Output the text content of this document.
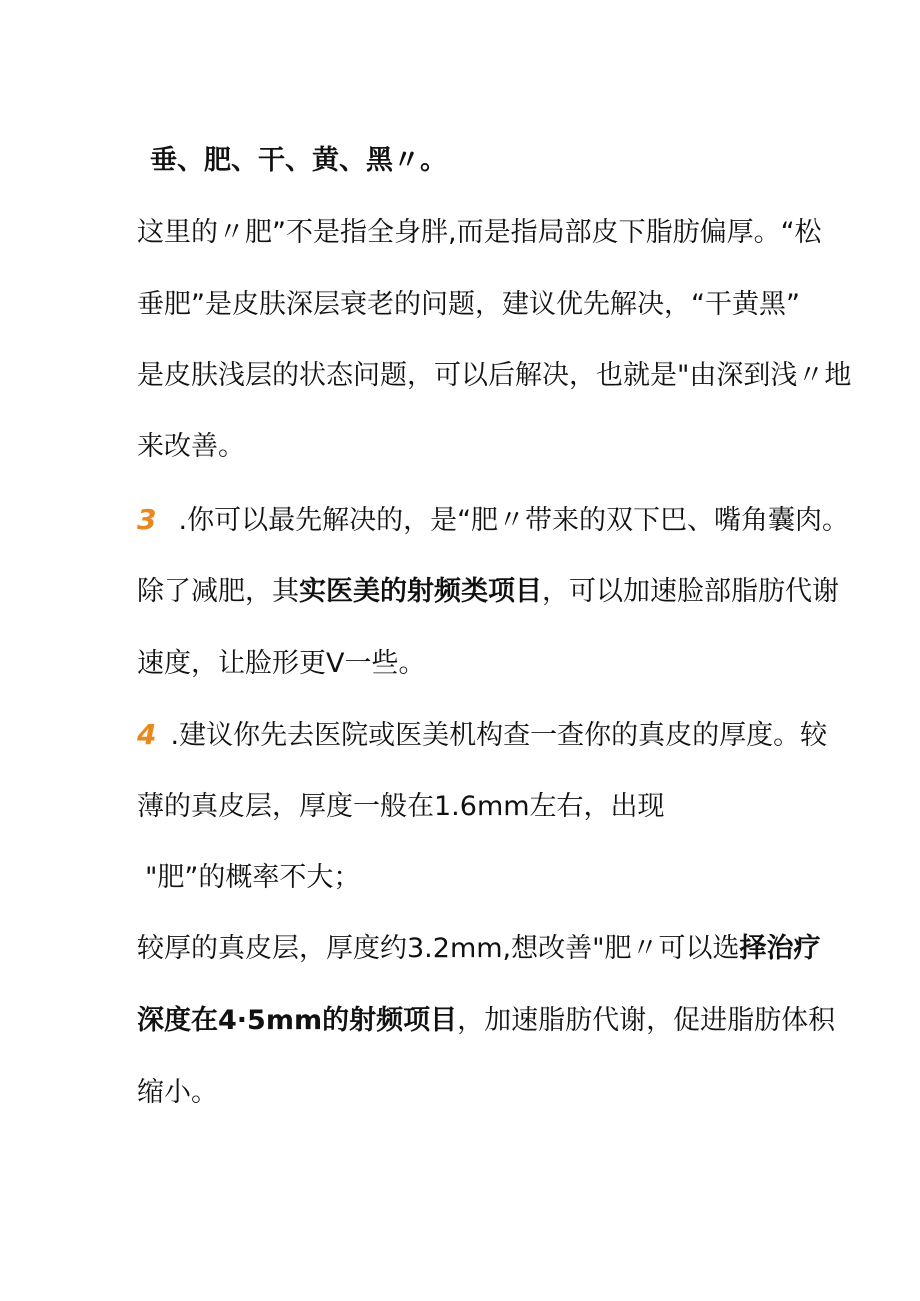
垂、肥、干、黄、黑〃。
这里的〃肥”不是指全身胖,而是指局部皮下脂肪偏厚。“松
垂肥”是皮肤深层衰老的问题，建议优先解决，“干黄黑”
是皮肤浅层的状态问题，可以后解决，也就是"由深到浅〃地
来改善。
3 .你可以最先解决的，是“肥〃带来的双下巴、嘴角囊肉。
除了减肥，其实医美的射频类项目，可以加速脸部脂肪代谢
速度，让脸形更V一些。
4 .建议你先去医院或医美机构查一查你的真皮的厚度。较
薄的真皮层，厚度一般在1.6mm左右，出现
"肥”的概率不大；
较厚的真皮层，厚度约3.2mm,想改善"肥〃可以选择治疗
深度在4·5mm的射频项目，加速脂肪代谢，促进脂肪体积
缩小。
